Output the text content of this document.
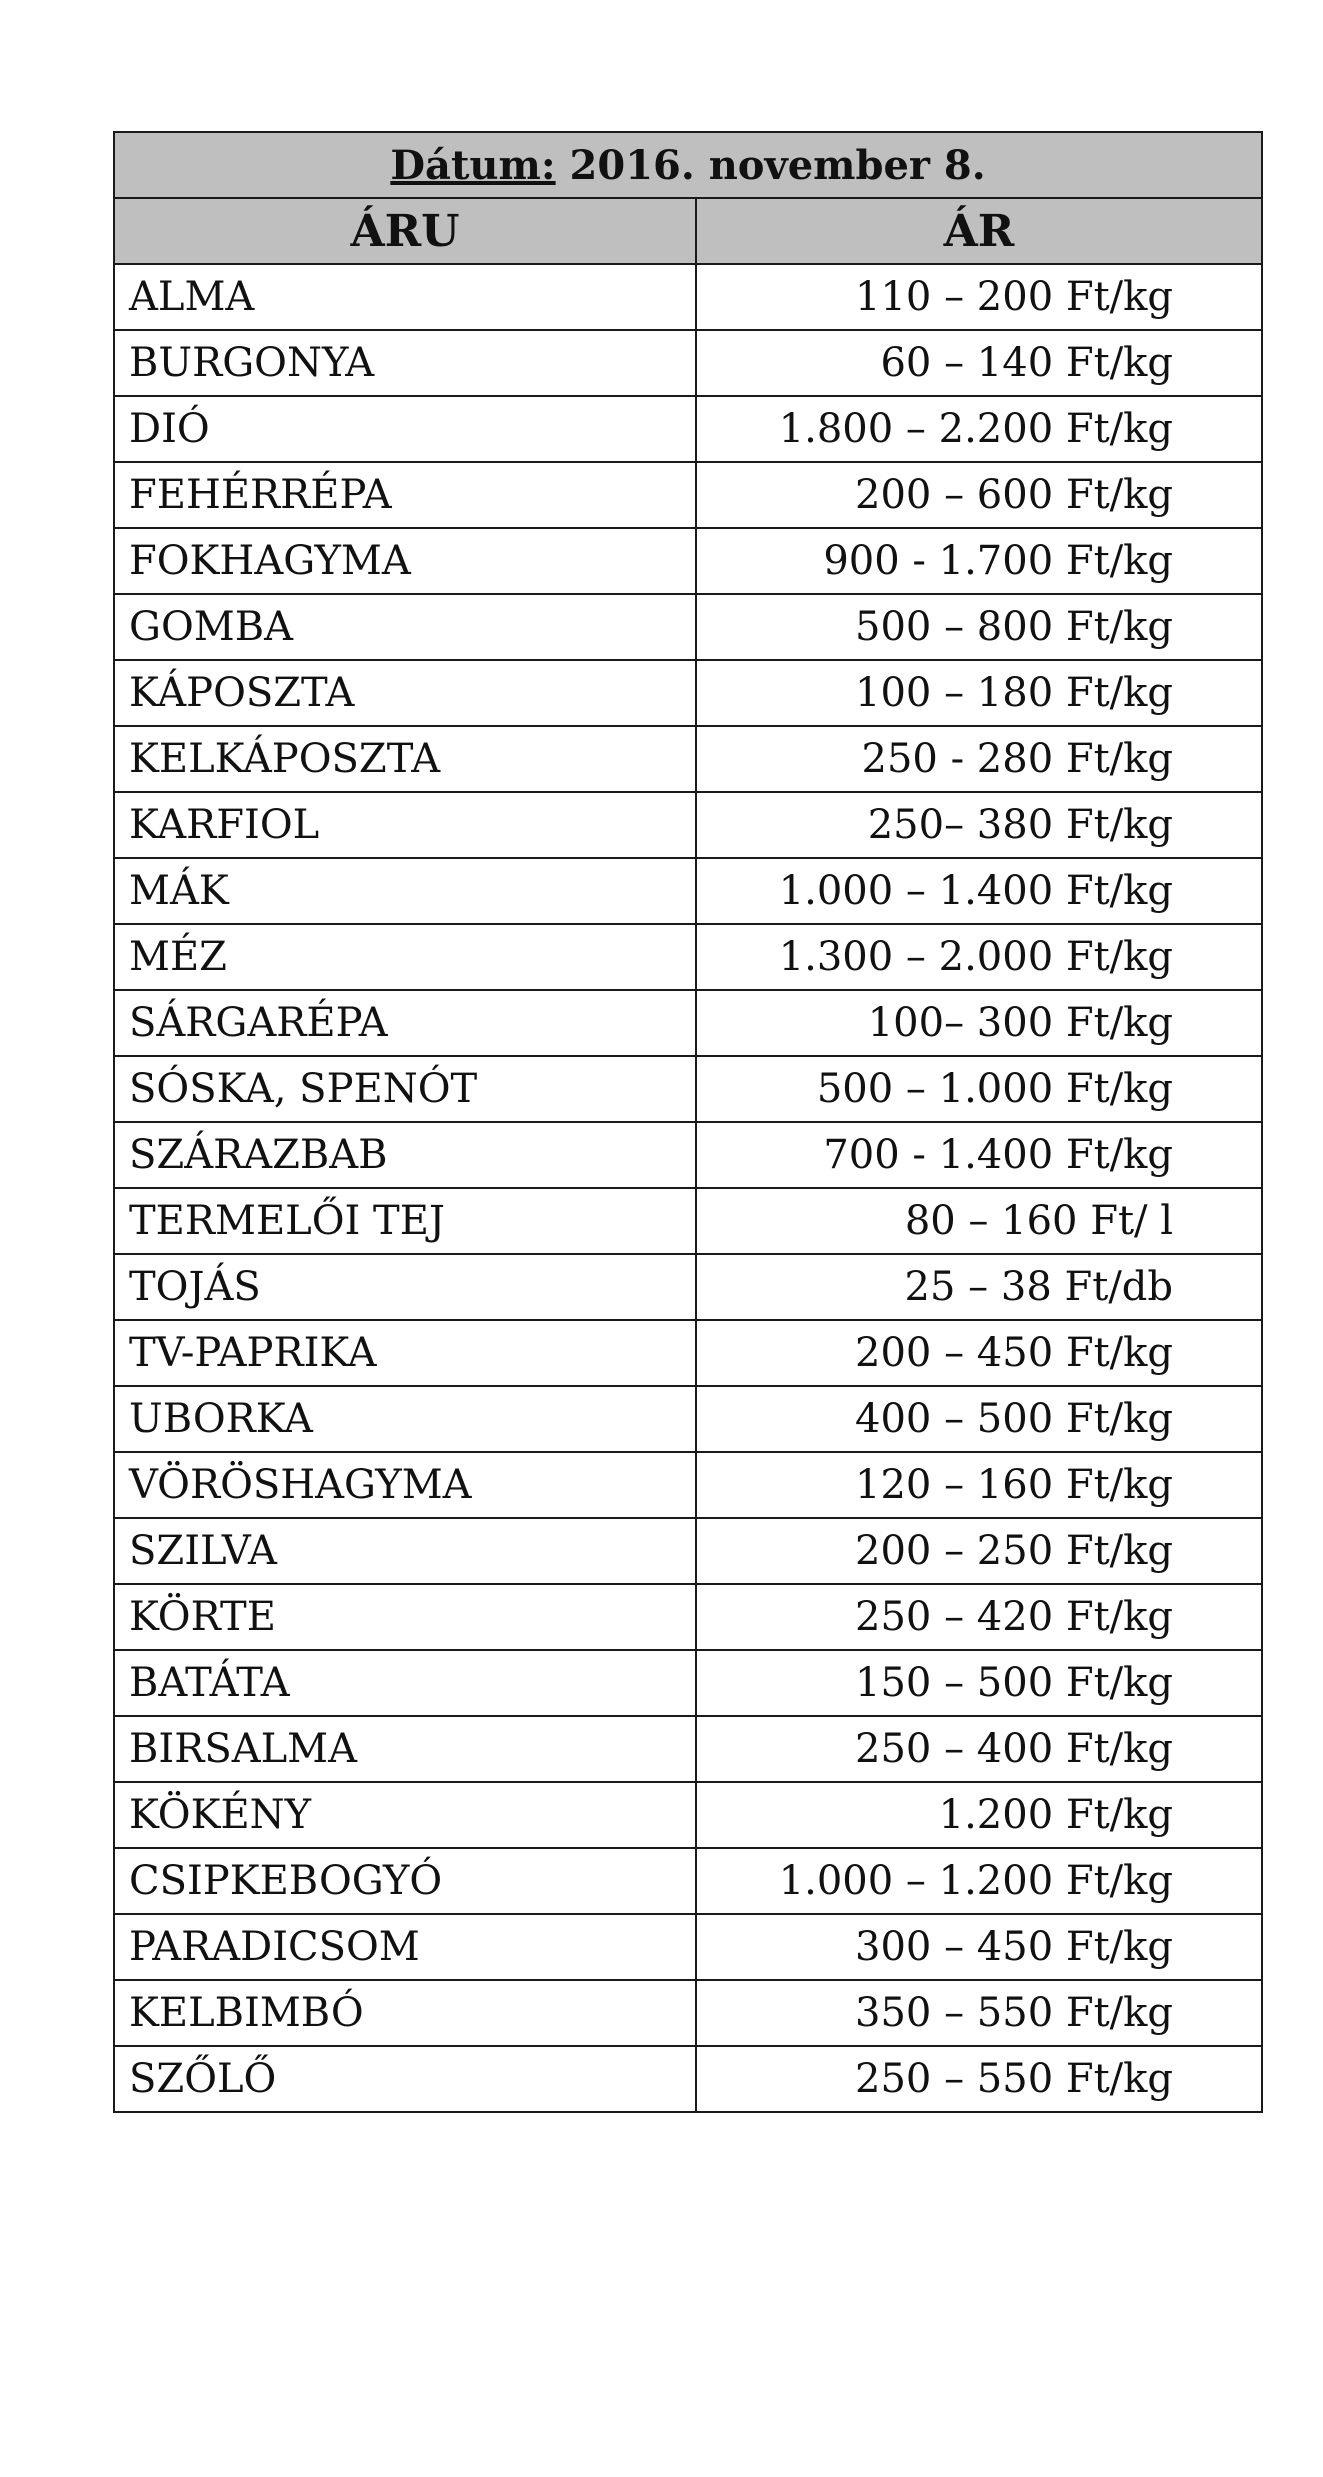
Dátum: 2016. november 8.	
ÁRU	ÁR
ALMA	110 – 200 Ft/kg
BURGONYA	60 – 140 Ft/kg
DIÓ	1.800 – 2.200 Ft/kg
FEHÉRRÉPA	200 – 600 Ft/kg
FOKHAGYMA	900 - 1.700 Ft/kg
GOMBA	500 – 800 Ft/kg
KÁPOSZTA	100 – 180 Ft/kg
KELKÁPOSZTA	250 - 280 Ft/kg
KARFIOL	250– 380 Ft/kg
MÁK	1.000 – 1.400 Ft/kg
MÉZ	1.300 – 2.000 Ft/kg
SÁRGARÉPA	100– 300 Ft/kg
SÓSKA, SPENÓT	500 – 1.000 Ft/kg
SZÁRAZBAB	700 - 1.400 Ft/kg
TERMELŐI TEJ	80 – 160 Ft/ l
TOJÁS	25 – 38 Ft/db
TV-PAPRIKA	200 – 450 Ft/kg
UBORKA	400 – 500 Ft/kg
VÖRÖSHAGYMA	120 – 160 Ft/kg
SZILVA	200 – 250 Ft/kg
KÖRTE	250 – 420 Ft/kg
BATÁTA	150 – 500 Ft/kg
BIRSALMA	250 – 400 Ft/kg
KÖKÉNY	1.200 Ft/kg
CSIPKEBOGYÓ	1.000 – 1.200 Ft/kg
PARADICSOM	300 – 450 Ft/kg
KELBIMBÓ	350 – 550 Ft/kg
SZŐLŐ	250 – 550 Ft/kg
